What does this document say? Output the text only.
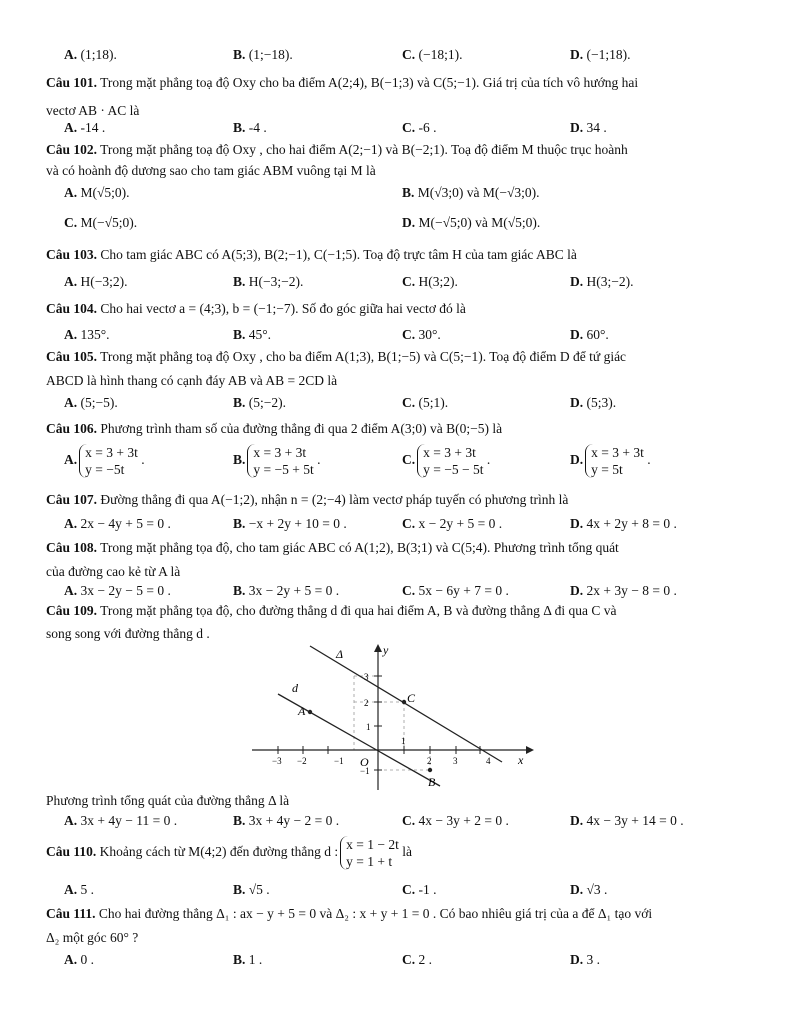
A. (1;18).	B. (1;−18).	C. (−18;1).	D. (−1;18).
Câu 101. Trong mặt phẳng toạ độ Oxy cho ba điểm A(2;4), B(−1;3) và C(5;−1). Giá trị của tích vô hướng hai
vectơ AB · AC là
A. -14 .	B. -4 .	C. -6 .	D. 34 .
Câu 102. Trong mặt phẳng toạ độ Oxy , cho hai điểm A(2;−1) và B(−2;1). Toạ độ điểm M thuộc trục hoành
và có hoành độ dương sao cho tam giác ABM vuông tại M là
A. M(√5;0).	B. M(√3;0) và M(−√3;0).
C. M(−√5;0).	D. M(−√5;0) và M(√5;0).
Câu 103. Cho tam giác ABC có A(5;3), B(2;−1), C(−1;5). Toạ độ trực tâm H của tam giác ABC là
A. H(−3;2).	B. H(−3;−2).	C. H(3;2).	D. H(3;−2).
Câu 104. Cho hai vectơ a = (4;3), b = (−1;−7). Số đo góc giữa hai vectơ đó là
A. 135°.	B. 45°.	C. 30°.	D. 60°.
Câu 105. Trong mặt phẳng toạ độ Oxy , cho ba điểm A(1;3), B(1;−5) và C(5;−1). Toạ độ điểm D để tứ giác
ABCD là hình thang có cạnh đáy AB và AB = 2CD là
A. (5;−5).	B. (5;−2).	C. (5;1).	D. (5;3).
Câu 106. Phương trình tham số của đường thẳng đi qua 2 điểm A(3;0) và B(0;−5) là
A. x = 3 + 3t
y = −5t .	B. x = 3 + 3t
y = −5 + 5t .	C. x = 3 + 3t
y = −5 − 5t .	D. x = 3 + 3t
y = 5t .
Câu 107. Đường thẳng đi qua A(−1;2), nhận n = (2;−4) làm vectơ pháp tuyến có phương trình là
A. 2x − 4y + 5 = 0 .	B. −x + 2y + 10 = 0 .	C. x − 2y + 5 = 0 .	D. 4x + 2y + 8 = 0 .
Câu 108. Trong mặt phẳng tọa độ, cho tam giác ABC có A(1;2), B(3;1) và C(5;4). Phương trình tổng quát
của đường cao kẻ từ A là
A. 3x − 2y − 5 = 0 .	B. 3x − 2y + 5 = 0 .	C. 5x − 6y + 7 = 0 .	D. 2x + 3y − 8 = 0 .
Câu 109. Trong mặt phẳng tọa độ, cho đường thẳng d đi qua hai điểm A, B và đường thẳng Δ đi qua C và
song song với đường thẳng d .
Δ
d
A
C
B
O	x
y
−3 −2	−1
1
2 3	4
3
2
1
−1
Phương trình tổng quát của đường thẳng Δ là
A. 3x + 4y − 11 = 0 .	B. 3x + 4y − 2 = 0 .	C. 4x − 3y + 2 = 0 .	D. 4x − 3y + 14 = 0 .
Câu 110. Khoảng cách từ M(4;2) đến đường thẳng d : x = 1 − 2t
y = 1 + t là
A. 5 .	B. √5 .	C. -1 .	D. √3 .
Câu 111. Cho hai đường thẳng Δ₁ : ax − y + 5 = 0 và Δ₂ : x + y + 1 = 0 . Có bao nhiêu giá trị của a để Δ₁ tạo với
Δ₂ một góc 60° ?
A. 0 .	B. 1 .	C. 2 .	D. 3 .
